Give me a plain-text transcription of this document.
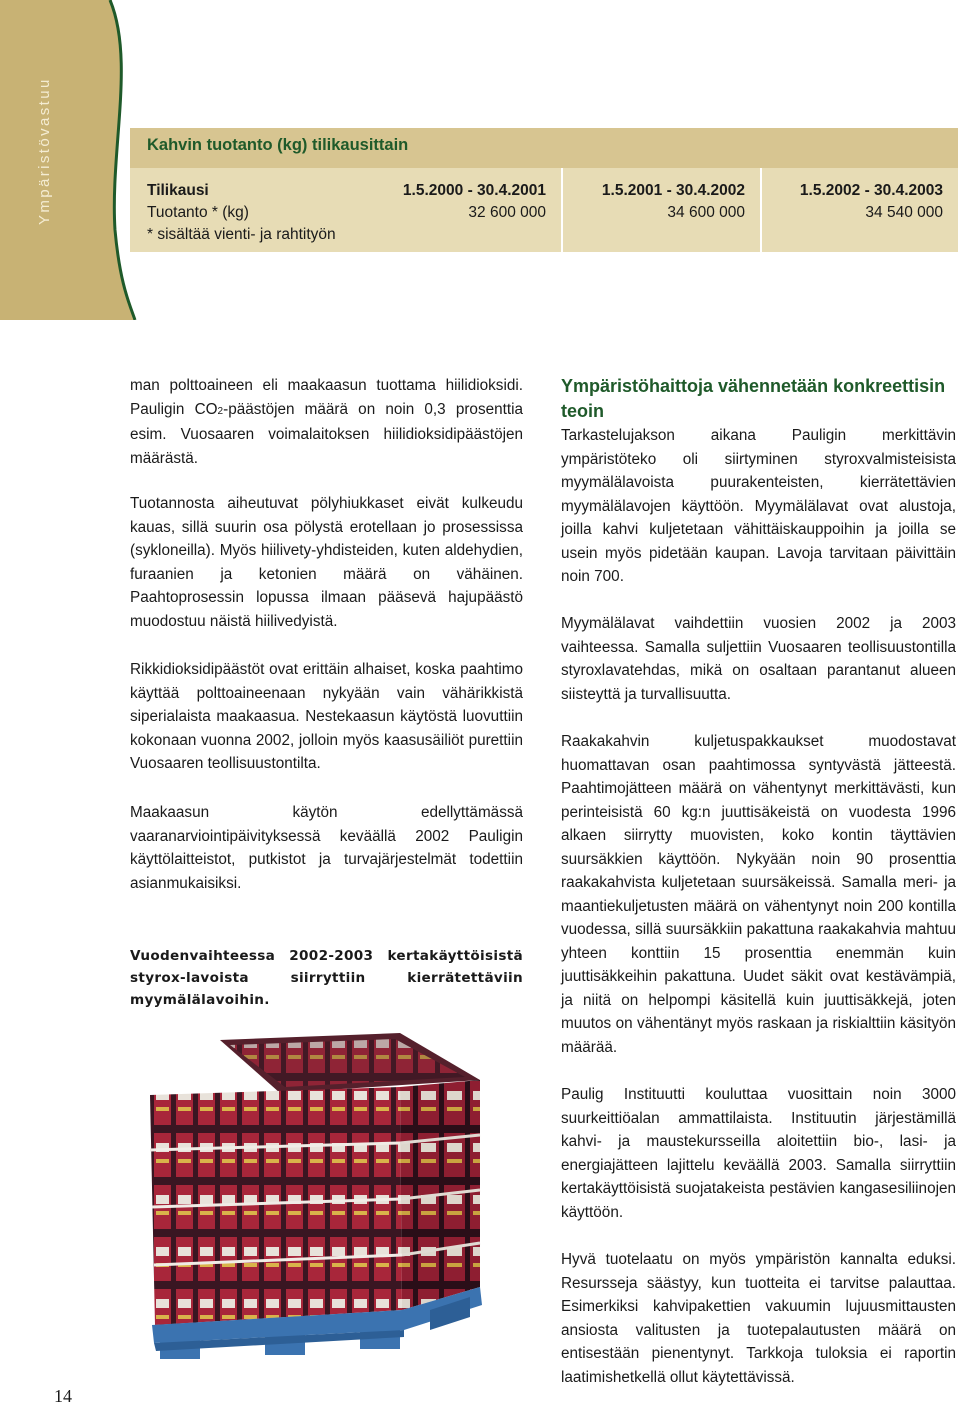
Ympäristövastuu	Kahvin tuotanto (kg) tilikausittain
Tilikausi	1.5.2000 - 30.4.2001	1.5.2001 - 30.4.2002	1.5.2002 - 30.4.2003
Tuotanto * (kg)	32 600 000	34 600 000	34 540 000
* sisältää vienti- ja rahtityön

man polttoaineen eli maakaasun tuottama hiilidioksidi. Pauligin CO2-päästöjen määrä on noin 0,3 prosenttia esim. Vuosaaren voimalaitoksen hiilidioksidipäästöjen määrästä.

Tuotannosta aiheutuvat pölyhiukkaset eivät kulkeudu kauas, sillä suurin osa pölystä erotellaan jo prosessissa (sykloneilla). Myös hiilivety-yhdisteiden, kuten aldehydien, furaanien ja ketonien määrä on vähäinen. Paahtoprosessin lopussa ilmaan pääsevä hajupäästö muodostuu näistä hiilivedyistä.

Rikkidioksidipäästöt ovat erittäin alhaiset, koska paahtimo käyttää polttoaineenaan nykyään vain vähärikkistä siperialaista maakaasua. Nestekaasun käytöstä luovuttiin kokonaan vuonna 2002, jolloin myös kaasusäiliöt purettiin Vuosaaren teollisuustontilta.

Maakaasun käytön edellyttämässä vaaranarviointipäivityksessä keväällä 2002 Pauligin käyttölaitteistot, putkistot ja turvajärjestelmät todettiin asianmukaisiksi.

Vuodenvaihteessa 2002-2003 kertakäyttöisistä styrox-lavoista siirryttiin kierrätettäviin myymälälavoihin.

Ympäristöhaittoja vähennetään konkreettisin teoin

Tarkastelujakson aikana Pauligin merkittävin ympäristöteko oli siirtyminen styroxvalmisteisista myymälälavoista puurakenteisten, kierrätettävien myymälälavojen käyttöön. Myymälälavat ovat alustoja, joilla kahvi kuljetetaan vähittäiskauppoihin ja joilla se usein myös pidetään kaupan. Lavoja tarvitaan päivittäin noin 700.

Myymälälavat vaihdettiin vuosien 2002 ja 2003 vaihteessa. Samalla suljettiin Vuosaaren teollisuustontilla styroxlavatehdas, mikä on osaltaan parantanut alueen siisteyttä ja turvallisuutta.

Raakakahvin kuljetuspakkaukset muodostavat huomattavan osan paahtimossa syntyvästä jätteestä. Paahtimojätteen määrä on vähentynyt merkittävästi, kun perinteisistä 60 kg:n juuttisäkeistä on vuodesta 1996 alkaen siirrytty muovisten, koko kontin täyttävien suursäkkien käyttöön. Nykyään noin 90 prosenttia raakakahvista kuljetetaan suursäkeissä. Samalla meri- ja maantiekuljetusten määrä on vähentynyt noin 200 kontilla vuodessa, sillä suursäkkiin pakattuna raakakahvia mahtuu yhteen konttiin 15 prosenttia enemmän kuin juuttisäkkeihin pakattuna. Uudet säkit ovat kestävämpiä, ja niitä on helpompi käsitellä kuin juuttisäkkejä, joten muutos on vähentänyt myös raskaan ja riskialttiin käsityön määrää.

Paulig Instituutti kouluttaa vuosittain noin 3000 suurkeittiöalan ammattilaista. Instituutin järjestämillä kahvi- ja maustekursseilla aloitettiin bio-, lasi- ja energiajätteen lajittelu keväällä 2003. Samalla siirryttiin kertakäyttöisistä suojatakeista pestävien kangasesiliinojen käyttöön.

Hyvä tuotelaatu on myös ympäristön kannalta eduksi. Resursseja säästyy, kun tuotteita ei tarvitse palauttaa. Esimerkiksi kahvipakettien vakuumin lujuusmittausten ansiosta valitusten ja tuotepalautusten määrä on entisestään pienentynyt. Tarkkoja tuloksia ei raportin laatimishetkellä ollut käytettävissä.

14
